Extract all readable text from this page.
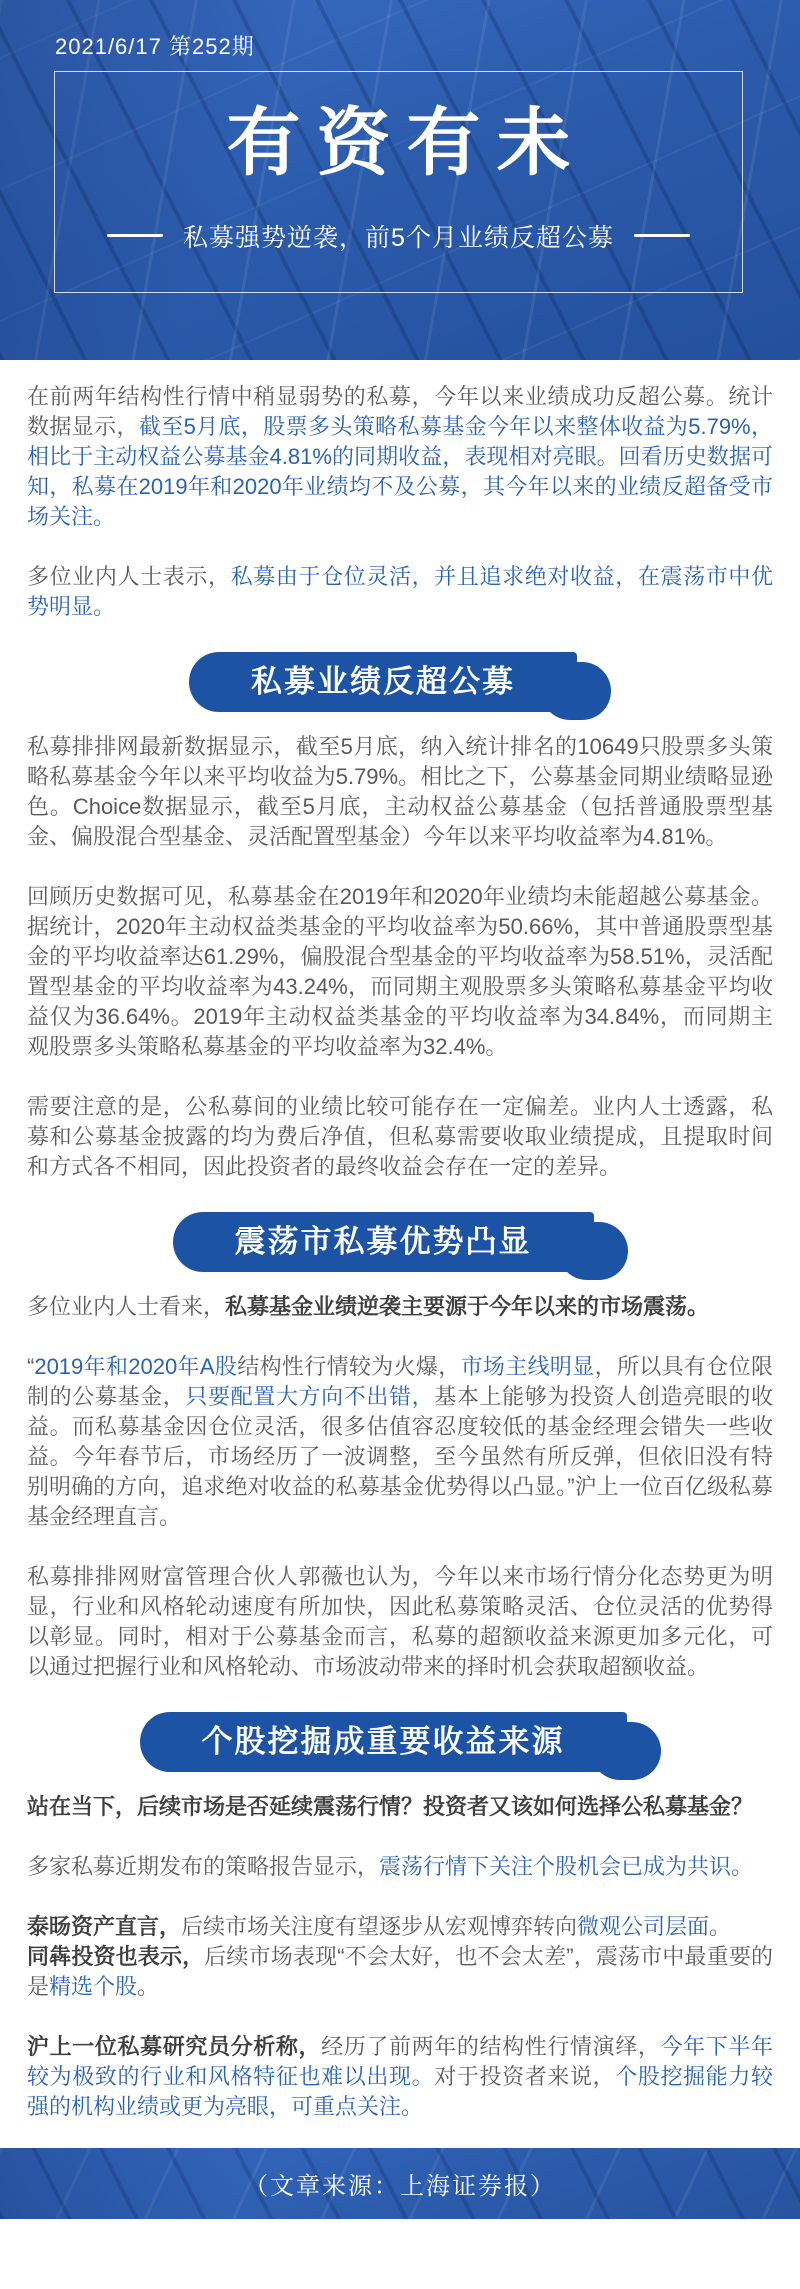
2021/6/17 第252期
有资有未
私募强势逆袭，前5个月业绩反超公募

在前两年结构性行情中稍显弱势的私募，今年以来业绩成功反超公募。统计数据显示，截至5月底，股票多头策略私募基金今年以来整体收益为5.79%，相比于主动权益公募基金4.81%的同期收益，表现相对亮眼。回看历史数据可知，私募在2019年和2020年业绩均不及公募，其今年以来的业绩反超备受市场关注。

多位业内人士表示，私募由于仓位灵活，并且追求绝对收益，在震荡市中优势明显。

私募业绩反超公募

私募排排网最新数据显示，截至5月底，纳入统计排名的10649只股票多头策略私募基金今年以来平均收益为5.79%。相比之下，公募基金同期业绩略显逊色。Choice数据显示，截至5月底，主动权益公募基金（包括普通股票型基金、偏股混合型基金、灵活配置型基金）今年以来平均收益率为4.81%。

回顾历史数据可见，私募基金在2019年和2020年业绩均未能超越公募基金。据统计，2020年主动权益类基金的平均收益率为50.66%，其中普通股票型基金的平均收益率达61.29%，偏股混合型基金的平均收益率为58.51%，灵活配置型基金的平均收益率为43.24%，而同期主观股票多头策略私募基金平均收益仅为36.64%。2019年主动权益类基金的平均收益率为34.84%，而同期主观股票多头策略私募基金的平均收益率为32.4%。

需要注意的是，公私募间的业绩比较可能存在一定偏差。业内人士透露，私募和公募基金披露的均为费后净值，但私募需要收取业绩提成，且提取时间和方式各不相同，因此投资者的最终收益会存在一定的差异。

震荡市私募优势凸显

多位业内人士看来，私募基金业绩逆袭主要源于今年以来的市场震荡。

“2019年和2020年A股结构性行情较为火爆，市场主线明显，所以具有仓位限制的公募基金，只要配置大方向不出错，基本上能够为投资人创造亮眼的收益。而私募基金因仓位灵活，很多估值容忍度较低的基金经理会错失一些收益。今年春节后，市场经历了一波调整，至今虽然有所反弹，但依旧没有特别明确的方向，追求绝对收益的私募基金优势得以凸显。”沪上一位百亿级私募基金经理直言。

私募排排网财富管理合伙人郭薇也认为，今年以来市场行情分化态势更为明显，行业和风格轮动速度有所加快，因此私募策略灵活、仓位灵活的优势得以彰显。同时，相对于公募基金而言，私募的超额收益来源更加多元化，可以通过把握行业和风格轮动、市场波动带来的择时机会获取超额收益。

个股挖掘成重要收益来源

站在当下，后续市场是否延续震荡行情？投资者又该如何选择公私募基金？

多家私募近期发布的策略报告显示，震荡行情下关注个股机会已成为共识。

泰旸资产直言，后续市场关注度有望逐步从宏观博弈转向微观公司层面。

同犇投资也表示，后续市场表现“不会太好，也不会太差”，震荡市中最重要的是精选个股。

沪上一位私募研究员分析称，经历了前两年的结构性行情演绎，今年下半年较为极致的行业和风格特征也难以出现。对于投资者来说，个股挖掘能力较强的机构业绩或更为亮眼，可重点关注。

（文章来源：上海证券报）
